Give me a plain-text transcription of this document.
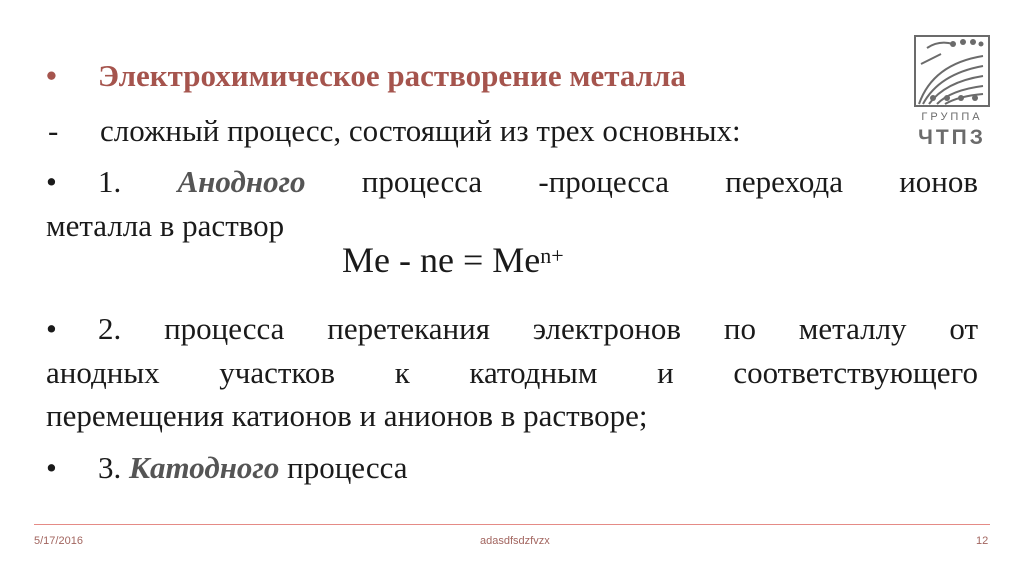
• Электрохимическое растворение металла
- сложный процесс, состоящий из трех основных:
• 1. Анодного процесса -процесса перехода ионов
металла в раствор
Me - ne = $Me^{n+}$
• 2. процесса перетекания электронов по металлу от
анодных участков к катодным и соответствующего
перемещения катионов и анионов в растворе;
• 3. Катодного процесса
ГРУППА
ЧТПЗ
5/17/2016	adasdfsdzfvzx	12
